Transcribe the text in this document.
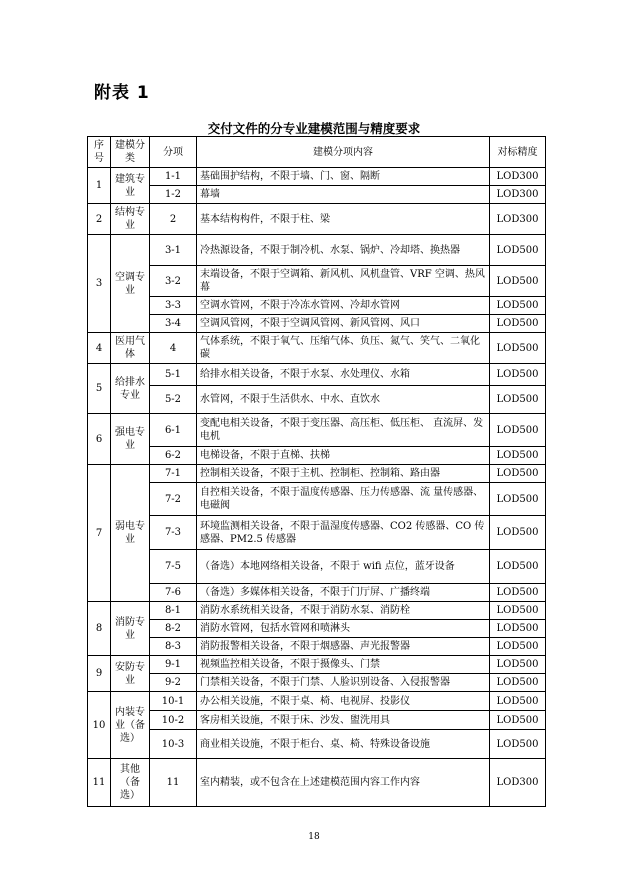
附表 1
交付文件的分专业建模范围与精度要求
序号	建模分类	分项	建模分项内容	对标精度
1	建筑专业	1-1	基础围护结构，不限于墙、门、窗、隔断	LOD300
		1-2	幕墙	LOD300
2	结构专业	2	基本结构构件，不限于柱、梁	LOD300
3	空调专业	3-1	冷热源设备，不限于制冷机、水泵、锅炉、冷却塔、换热器	LOD500
		3-2	末端设备，不限于空调箱、新风机、风机盘管、VRF 空调、热风幕	LOD500
		3-3	空调水管网，不限于冷冻水管网、冷却水管网	LOD500
		3-4	空调风管网，不限于空调风管网、新风管网、风口	LOD500
4	医用气体	4	气体系统，不限于氧气、压缩气体、负压、氮气、笑气、二氧化碳	LOD500
5	给排水专业	5-1	给排水相关设备，不限于水泵、水处理仪、水箱	LOD500
		5-2	水管网，不限于生活供水、中水、直饮水	LOD500
6	强电专业	6-1	变配电相关设备，不限于变压器、高压柜、低压柜、 直流屏、发电机	LOD500
		6-2	电梯设备，不限于直梯、扶梯	LOD500
7	弱电专业	7-1	控制相关设备，不限于主机、控制柜、控制箱、路由器	LOD500
		7-2	自控相关设备，不限于温度传感器、压力传感器、流 量传感器、电磁阀	LOD500
		7-3	环境监测相关设备，不限于温湿度传感器、CO2 传感器、CO 传感器、PM2.5 传感器	LOD500
		7-5	（备选）本地网络相关设备，不限于 wifi 点位，蓝牙设备	LOD500
		7-6	（备选）多媒体相关设备，不限于门厅屏、广播终端	LOD500
8	消防专业	8-1	消防水系统相关设备，不限于消防水泵、消防栓	LOD500
		8-2	消防水管网，包括水管网和喷淋头	LOD500
		8-3	消防报警相关设备，不限于烟感器、声光报警器	LOD500
9	安防专业	9-1	视频监控相关设备，不限于摄像头、门禁	LOD500
		9-2	门禁相关设备，不限于门禁、人脸识别设备、入侵报警器	LOD500
10	内装专业（备选）	10-1	办公相关设施，不限于桌、椅、电视屏、投影仪	LOD500
		10-2	客房相关设施，不限于床、沙发、盥洗用具	LOD500
		10-3	商业相关设施，不限于柜台、桌、椅、特殊设备设施	LOD500
11	其他（备选）	11	室内精装，或不包含在上述建模范围内容工作内容	LOD300
18
